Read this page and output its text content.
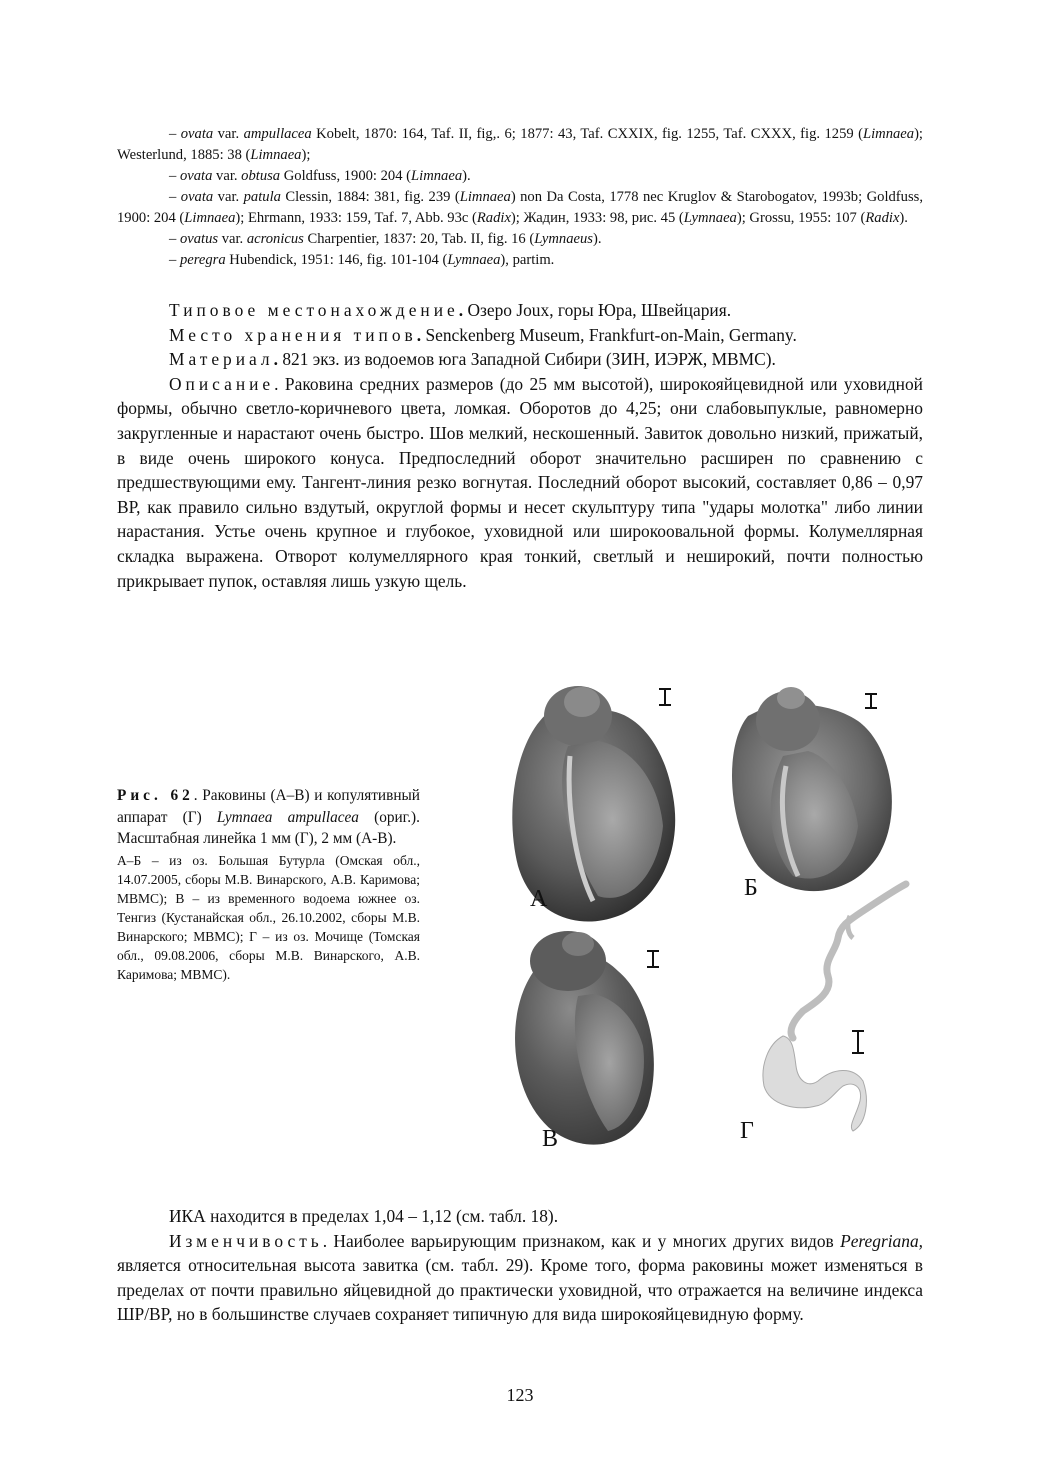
– ovata var. ampullacea Kobelt, 1870: 164, Taf. II, fig,. 6; 1877: 43, Taf. CXXIX, fig. 1255, Taf. CXXX, fig. 1259 (Limnaea); Westerlund, 1885: 38 (Limnaea);

– ovata var. obtusa Goldfuss, 1900: 204 (Limnaea).

– ovata var. patula Clessin, 1884: 381, fig. 239 (Limnaea) non Da Costa, 1778 nec Kruglov & Starobogatov, 1993b; Goldfuss, 1900: 204 (Limnaea); Ehrmann, 1933: 159, Taf. 7, Abb. 93c (Radix); Жадин, 1933: 98, рис. 45 (Lymnaea); Grossu, 1955: 107 (Radix).

– ovatus var. acronicus Charpentier, 1837: 20, Tab. II, fig. 16 (Lymnaeus).

– peregra Hubendick, 1951: 146, fig. 101-104 (Lymnaea), partim.

Типовое местонахождение. Озеро Joux, горы Юра, Швейцария.

Место хранения типов. Senckenberg Museum, Frankfurt-on-Main, Germany.

Материал. 821 экз. из водоемов юга Западной Сибири (ЗИН, ИЭРЖ, МВМС).

Описание. Раковина средних размеров (до 25 мм высотой), широкояйцевидной или уховидной формы, обычно светло-коричневого цвета, ломкая. Оборотов до 4,25; они слабовыпуклые, равномерно закругленные и нарастают очень быстро. Шов мелкий, нескошенный. Завиток довольно низкий, прижатый, в виде очень широкого конуса. Предпоследний оборот значительно расширен по сравнению с предшествующими ему. Тангент-линия резко вогнутая. Последний оборот высокий, составляет 0,86 – 0,97 ВР, как правило сильно вздутый, округлой формы и несет скульптуру типа "удары молотка" либо линии нарастания. Устье очень крупное и глубокое, уховидной или широкоовальной формы. Колумеллярная складка выражена. Отворот колумеллярного края тонкий, светлый и неширокий, почти полностью прикрывает пупок, оставляя лишь узкую щель.

Рис. 62. Раковины (А–В) и копулятивный аппарат (Г) Lymnaea ampullacea (ориг.). Масштабная линейка 1 мм (Г), 2 мм (А-В).

А–Б – из оз. Большая Бутурла (Омская обл., 14.07.2005, сборы М.В. Винарского, А.В. Каримова; МВМС); В – из временного водоема южнее оз. Тенгиз (Кустанайская обл., 26.10.2002, сборы М.В. Винарского; МВМС); Г – из оз. Мочище (Томская обл., 09.08.2006, сборы М.В. Винарского, А.В. Каримова; МВМС).

А	Б
В	Г

ИКА находится в пределах 1,04 – 1,12 (см. табл. 18).

Изменчивость. Наиболее варьирующим признаком, как и у многих других видов Peregriana, является относительная высота завитка (см. табл. 29). Кроме того, форма раковины может изменяться в пределах от почти правильно яйцевидной до практически уховидной, что отражается на величине индекса ШР/ВР, но в большинстве случаев сохраняет типичную для вида широкояйцевидную форму.

123
